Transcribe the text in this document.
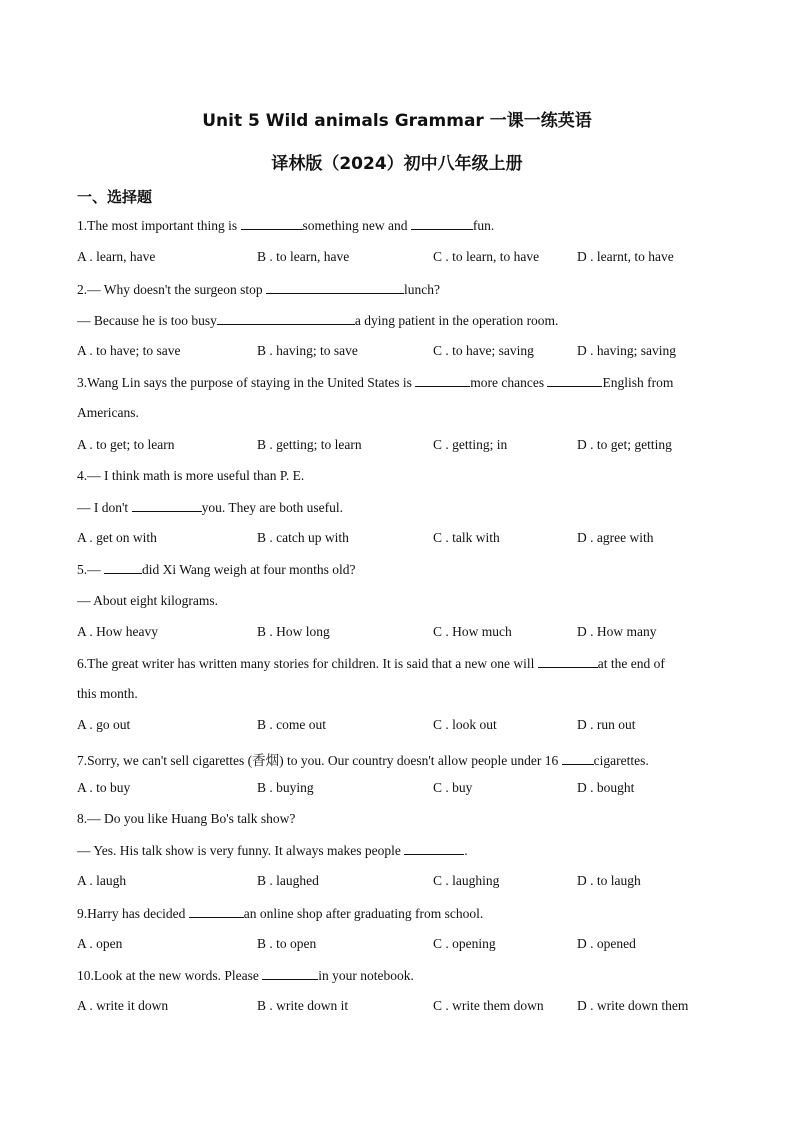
Unit 5 Wild animals Grammar 一课一练英语
译林版（2024）初中八年级上册
一、选择题
1.The most important thing is	something new and	fun.
A . learn, have	B . to learn, have	C . to learn, to have	D . learnt, to have
2.— Why doesn't the surgeon stop	lunch?
— Because he is too busy	a dying patient in the operation room.
A . to have; to save	B . having; to save	C . to have; saving	D . having; saving
3.Wang Lin says the purpose of staying in the United States is	more chances	English from
Americans.
A . to get; to learn	B . getting; to learn	C . getting; in	D . to get; getting
4.— I think math is more useful than P. E.
— I don't	you. They are both useful.
A . get on with	B . catch up with	C . talk with	D . agree with
5.—	did Xi Wang weigh at four months old?
— About eight kilograms.
A . How heavy	B . How long	C . How much	D . How many
6.The great writer has written many stories for children. It is said that a new one will	at the end of
this month.
A . go out	B . come out	C . look out	D . run out
7.Sorry, we can't sell cigarettes (香烟) to you. Our country doesn't allow people under 16 cigarettes.
A . to buy	B . buying	C . buy	D . bought
8.— Do you like Huang Bo's talk show?
— Yes. His talk show is very funny. It always makes people	.
A . laugh	B . laughed	C . laughing	D . to laugh
9.Harry has decided	an online shop after graduating from school.
A . open	B . to open	C . opening	D . opened
10.Look at the new words. Please	in your notebook.
A . write it down	B . write down it	C . write them down D . write down them
